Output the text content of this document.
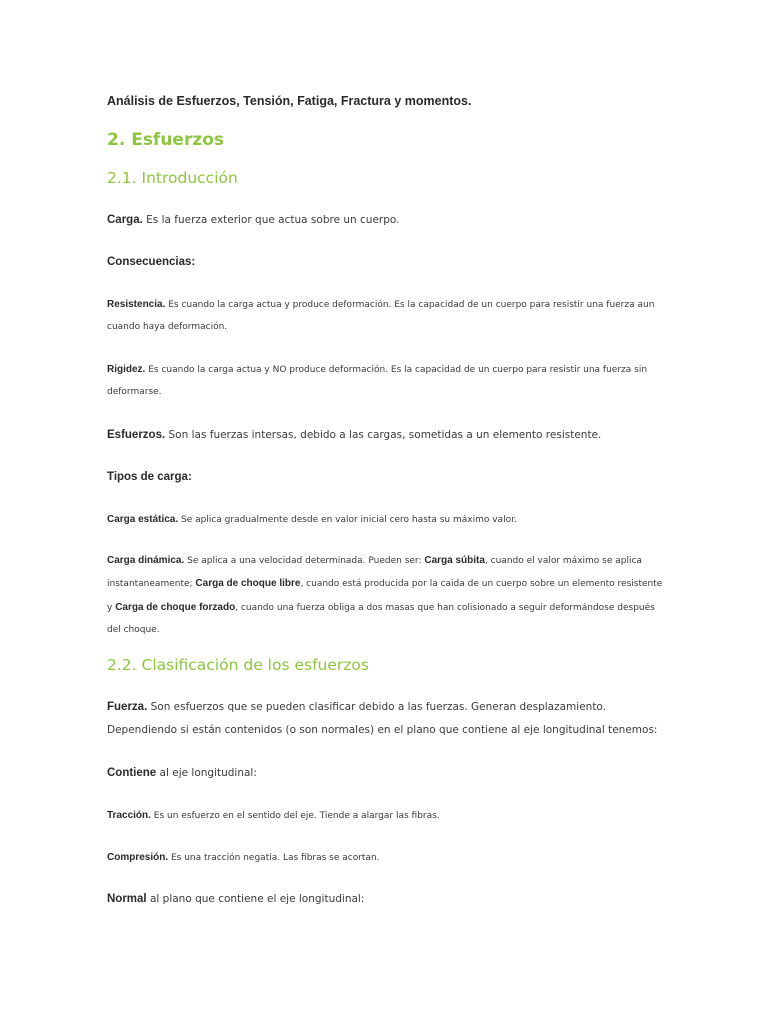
Análisis de Esfuerzos, Tensión, Fatiga, Fractura y momentos.
2. Esfuerzos
2.1. Introducción
Carga. Es la fuerza exterior que actua sobre un cuerpo.
Consecuencias:
Resistencia. Es cuando la carga actua y produce deformación. Es la capacidad de un cuerpo para resistir una fuerza aun
cuando haya deformación.
Rigidez. Es cuando la carga actua y NO produce deformación. Es la capacidad de un cuerpo para resistir una fuerza sin
deformarse.
Esfuerzos. Son las fuerzas intersas, debido a las cargas, sometidas a un elemento resistente.
Tipos de carga:
Carga estática. Se aplica gradualmente desde en valor inicial cero hasta su máximo valor.
Carga dinámica. Se aplica a una velocidad determinada. Pueden ser: Carga súbita, cuando el valor máximo se aplica
instantaneamente; Carga de choque libre, cuando está producida por la caida de un cuerpo sobre un elemento resistente
y Carga de choque forzado, cuando una fuerza obliga a dos masas que han colisionado a seguir deformándose después
del choque.
2.2. Clasificación de los esfuerzos
Fuerza. Son esfuerzos que se pueden clasificar debido a las fuerzas. Generan desplazamiento.
Dependiendo si están contenidos (o son normales) en el plano que contiene al eje longitudinal tenemos:
Contiene al eje longitudinal:
Tracción. Es un esfuerzo en el sentido del eje. Tiende a alargar las fibras.
Compresión. Es una tracción negatia. Las fibras se acortan.
Normal al plano que contiene el eje longitudinal:
